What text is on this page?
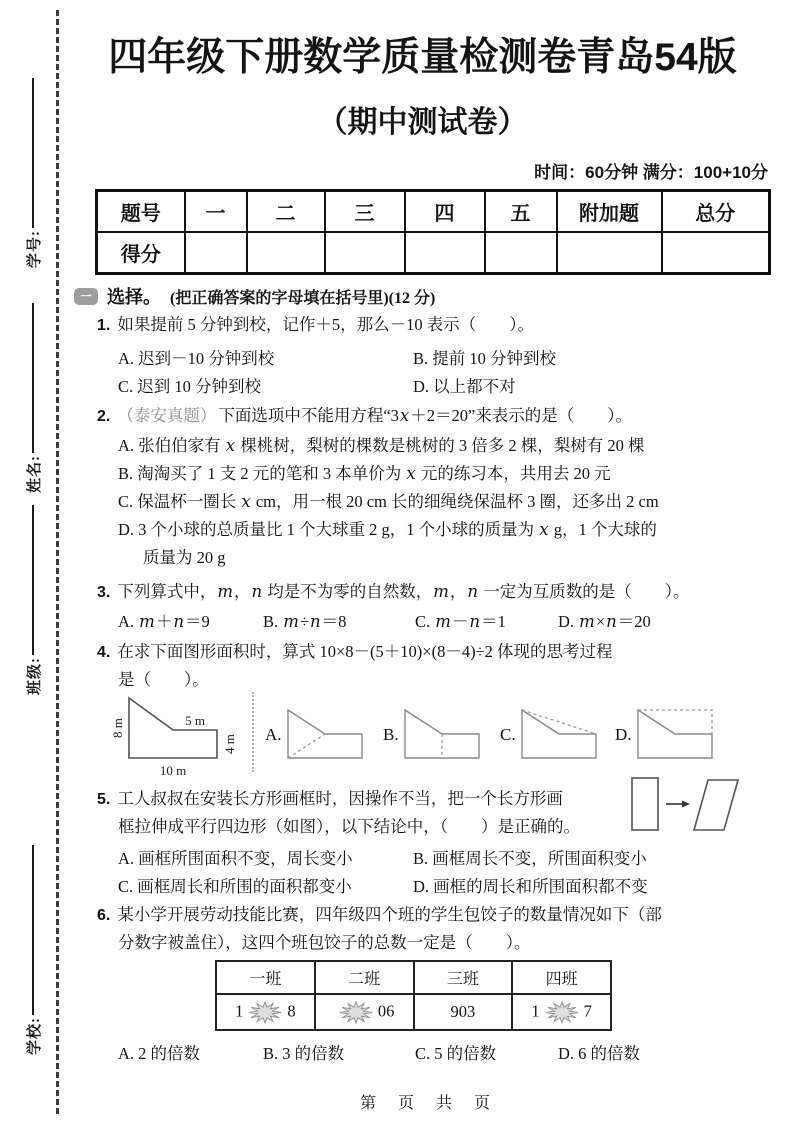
学号:
姓名:
班级:
学校:
四年级下册数学质量检测卷青岛54版
（期中测试卷）
时间：60分钟 满分：100+10分
题号	一	二	三	四	五	附加题	总分
得分							
一 选择。 (把正确答案的字母填在括号里)(12 分)
1. 如果提前 5 分钟到校，记作＋5，那么－10 表示（　　）。
A. 迟到－10 分钟到校	B. 提前 10 分钟到校
C. 迟到 10 分钟到校	D. 以上都不对
2. （泰安真题） 下面选项中不能用方程“3x＋2＝20”来表示的是（　　）。
A. 张伯伯家有 x 棵桃树，梨树的棵数是桃树的 3 倍多 2 棵，梨树有 20 棵
B. 淘淘买了 1 支 2 元的笔和 3 本单价为 x 元的练习本，共用去 20 元
C. 保温杯一圈长 x cm，用一根 20 cm 长的细绳绕保温杯 3 圈，还多出 2 cm
D. 3 个小球的总质量比 1 个大球重 2 g，1 个小球的质量为 x g，1 个大球的
质量为 20 g
3. 下列算式中，m，n 均是不为零的自然数，m，n 一定为互质数的是（　　）。
A. m＋n＝9	B. m÷n＝8	C. m－n＝1	D. m×n＝20
4. 在求下面图形面积时，算式 10×8－(5＋10)×(8－4)÷2 体现的思考过程
是（　　）。
8 m	5 m
4 m
10 m
A.	B.	C.	D.
5. 工人叔叔在安装长方形画框时，因操作不当，把一个长方形画
框拉伸成平行四边形（如图），以下结论中，（　　）是正确的。
A. 画框所围面积不变，周长变小	B. 画框周长不变，所围面积变小
C. 画框周长和所围的面积都变小	D. 画框的周长和所围面积都不变
6. 某小学开展劳动技能比赛，四年级四个班的学生包饺子的数量情况如下（部
分数字被盖住），这四个班包饺子的总数一定是（　　）。
一班	二班	三班	四班
1 8	06	903	1 7
A. 2 的倍数	B. 3 的倍数	C. 5 的倍数	D. 6 的倍数
第　页　共　页
